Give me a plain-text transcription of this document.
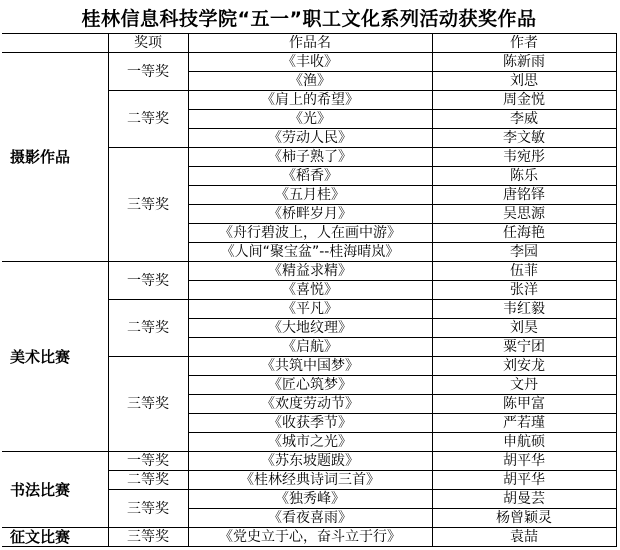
桂林信息科技学院“五一”职工文化系列活动获奖作品			
	奖项	作品名	作者
摄影作品	一等奖	《丰收》	陈新雨
		《渔》	刘思
	二等奖	《肩上的希望》	周金悦
		《光》	李威
		《劳动人民》	李文敏
	三等奖	《柿子熟了》	韦宛彤
		《稻香》	陈乐
		《五月桂》	唐铭铎
		《桥畔岁月》	吴思源
		《舟行碧波上，人在画中游》	任海艳
		《人间“聚宝盆”--桂海晴岚》	李园
美术比赛	一等奖	《精益求精》	伍菲
		《喜悦》	张洋
	二等奖	《平凡》	韦红毅
		《大地纹理》	刘昊
		《启航》	粟宁团
	三等奖	《共筑中国梦》	刘安龙
		《匠心筑梦》	文丹
		《欢度劳动节》	陈甲富
		《收获季节》	严若瑾
		《城市之光》	申航硕
书法比赛	一等奖	《苏东坡题跋》	胡平华
	二等奖	《桂林经典诗词三首》	胡平华
	三等奖	《独秀峰》	胡曼芸
		《看夜喜雨》	杨曾颖灵
征文比赛	三等奖	《党史立于心，奋斗立于行》	袁喆
